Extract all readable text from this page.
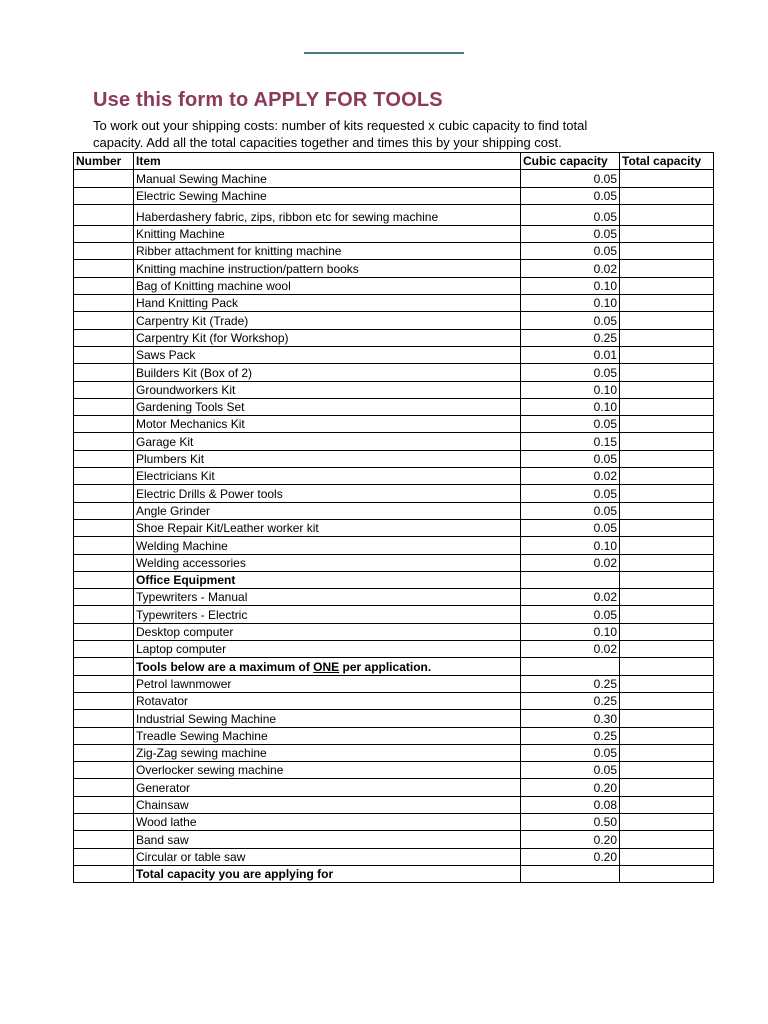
Use this form to APPLY FOR TOOLS
To work out your shipping costs: number of kits requested x cubic capacity to find total
capacity. Add all the total capacities together and times this by your shipping cost.
Number	Item	Cubic capacity	Total capacity
	Manual Sewing Machine	0.05	
	Electric Sewing Machine	0.05	
	Haberdashery fabric, zips, ribbon etc for sewing machine	0.05	
	Knitting Machine	0.05	
	Ribber attachment for knitting machine	0.05	
	Knitting machine instruction/pattern books	0.02	
	Bag of Knitting machine wool	0.10	
	Hand Knitting Pack	0.10	
	Carpentry Kit (Trade)	0.05	
	Carpentry Kit (for Workshop)	0.25	
	Saws Pack	0.01	
	Builders Kit (Box of 2)	0.05	
	Groundworkers Kit	0.10	
	Gardening Tools Set	0.10	
	Motor Mechanics Kit	0.05	
	Garage Kit	0.15	
	Plumbers Kit	0.05	
	Electricians Kit	0.02	
	Electric Drills & Power tools	0.05	
	Angle Grinder	0.05	
	Shoe Repair Kit/Leather worker kit	0.05	
	Welding Machine	0.10	
	Welding accessories	0.02	
	Office Equipment		
	Typewriters - Manual	0.02	
	Typewriters - Electric	0.05	
	Desktop computer	0.10	
	Laptop computer	0.02	
	Tools below are a maximum of ONE per application.		
	Petrol lawnmower	0.25	
	Rotavator	0.25	
	Industrial Sewing Machine	0.30	
	Treadle Sewing Machine	0.25	
	Zig-Zag sewing machine	0.05	
	Overlocker sewing machine	0.05	
	Generator	0.20	
	Chainsaw	0.08	
	Wood lathe	0.50	
	Band saw	0.20	
	Circular or table saw	0.20	
	Total capacity you are applying for		
